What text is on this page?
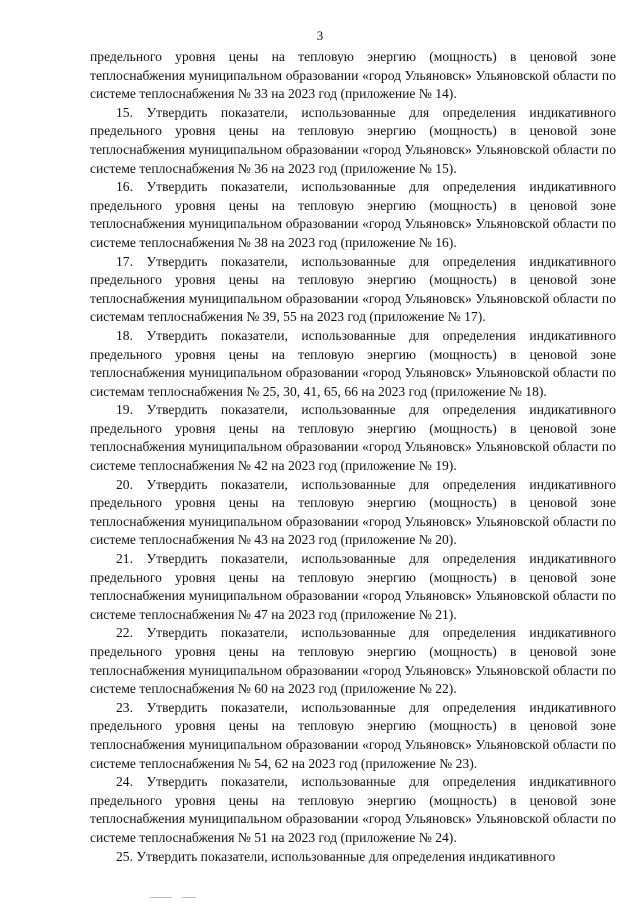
3

предельного уровня цены на тепловую энергию (мощность) в ценовой зоне теплоснабжения муниципальном образовании «город Ульяновск» Ульяновской области по системе теплоснабжения № 33 на 2023 год (приложение № 14).

15. Утвердить показатели, использованные для определения индикативного предельного уровня цены на тепловую энергию (мощность) в ценовой зоне теплоснабжения муниципальном образовании «город Ульяновск» Ульяновской области по системе теплоснабжения № 36 на 2023 год (приложение № 15).

16. Утвердить показатели, использованные для определения индикативного предельного уровня цены на тепловую энергию (мощность) в ценовой зоне теплоснабжения муниципальном образовании «город Ульяновск» Ульяновской области по системе теплоснабжения № 38 на 2023 год (приложение № 16).

17. Утвердить показатели, использованные для определения индикативного предельного уровня цены на тепловую энергию (мощность) в ценовой зоне теплоснабжения муниципальном образовании «город Ульяновск» Ульяновской области по системам теплоснабжения № 39, 55 на 2023 год (приложение № 17).

18. Утвердить показатели, использованные для определения индикативного предельного уровня цены на тепловую энергию (мощность) в ценовой зоне теплоснабжения муниципальном образовании «город Ульяновск» Ульяновской области по системам теплоснабжения № 25, 30, 41, 65, 66 на 2023 год (приложение № 18).

19. Утвердить показатели, использованные для определения индикативного предельного уровня цены на тепловую энергию (мощность) в ценовой зоне теплоснабжения муниципальном образовании «город Ульяновск» Ульяновской области по системе теплоснабжения № 42 на 2023 год (приложение № 19).

20. Утвердить показатели, использованные для определения индикативного предельного уровня цены на тепловую энергию (мощность) в ценовой зоне теплоснабжения муниципальном образовании «город Ульяновск» Ульяновской области по системе теплоснабжения № 43 на 2023 год (приложение № 20).

21. Утвердить показатели, использованные для определения индикативного предельного уровня цены на тепловую энергию (мощность) в ценовой зоне теплоснабжения муниципальном образовании «город Ульяновск» Ульяновской области по системе теплоснабжения № 47 на 2023 год (приложение № 21).

22. Утвердить показатели, использованные для определения индикативного предельного уровня цены на тепловую энергию (мощность) в ценовой зоне теплоснабжения муниципальном образовании «город Ульяновск» Ульяновской области по системе теплоснабжения № 60 на 2023 год (приложение № 22).

23. Утвердить показатели, использованные для определения индикативного предельного уровня цены на тепловую энергию (мощность) в ценовой зоне теплоснабжения муниципальном образовании «город Ульяновск» Ульяновской области по системе теплоснабжения № 54, 62 на 2023 год (приложение № 23).

24. Утвердить показатели, использованные для определения индикативного предельного уровня цены на тепловую энергию (мощность) в ценовой зоне теплоснабжения муниципальном образовании «город Ульяновск» Ульяновской области по системе теплоснабжения № 51 на 2023 год (приложение № 24).

25. Утвердить показатели, использованные для определения индикативного
